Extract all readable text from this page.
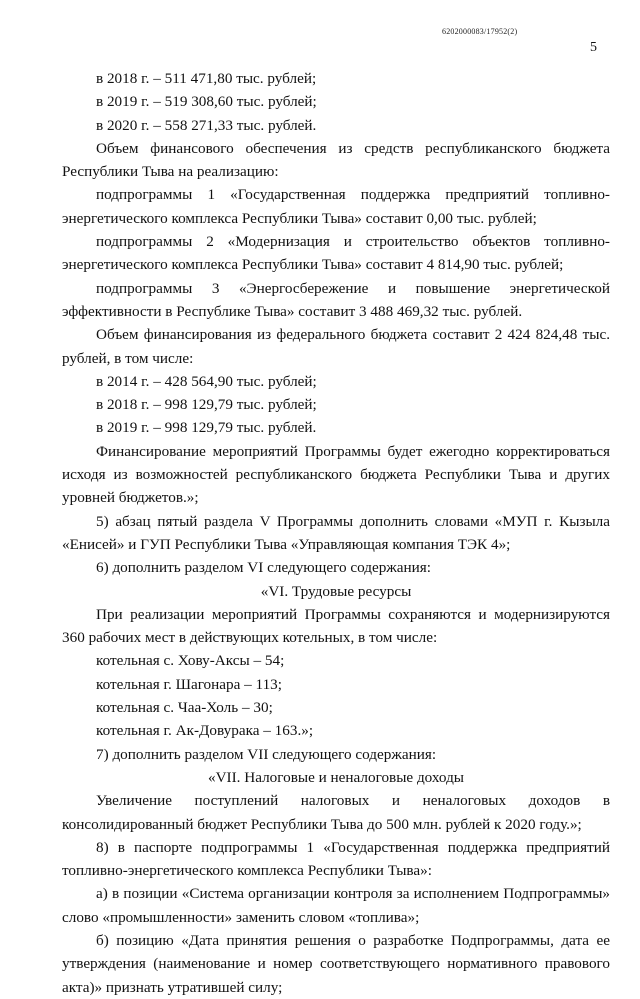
6202000083/17952(2)
5
в 2018 г. – 511 471,80 тыс. рублей;
в 2019 г. – 519 308,60 тыс. рублей;
в 2020 г. – 558 271,33 тыс. рублей.
Объем финансового обеспечения из средств республиканского бюджета Республики Тыва на реализацию:
подпрограммы 1 «Государственная поддержка предприятий топливно-энергетического комплекса Республики Тыва» составит 0,00 тыс. рублей;
подпрограммы 2 «Модернизация и строительство объектов топливно-энергетического комплекса Республики Тыва» составит 4 814,90 тыс. рублей;
подпрограммы 3 «Энергосбережение и повышение энергетической эффективности в Республике Тыва» составит 3 488 469,32 тыс. рублей.
Объем финансирования из федерального бюджета составит 2 424 824,48 тыс. рублей, в том числе:
в 2014 г. – 428 564,90 тыс. рублей;
в 2018 г. – 998 129,79 тыс. рублей;
в 2019 г. – 998 129,79 тыс. рублей.
Финансирование мероприятий Программы будет ежегодно корректироваться исходя из возможностей республиканского бюджета Республики Тыва и других уровней бюджетов.»;
5) абзац пятый раздела V Программы дополнить словами «МУП г. Кызыла «Енисей» и ГУП Республики Тыва «Управляющая компания ТЭК 4»;
6) дополнить разделом VI следующего содержания:
«VI. Трудовые ресурсы
При реализации мероприятий Программы сохраняются и модернизируются 360 рабочих мест в действующих котельных, в том числе:
котельная с. Хову-Аксы – 54;
котельная г. Шагонара – 113;
котельная с. Чаа-Холь – 30;
котельная г. Ак-Довурака – 163.»;
7) дополнить разделом VII следующего содержания:
«VII. Налоговые и неналоговые доходы
Увеличение поступлений налоговых и неналоговых доходов в консолидированный бюджет Республики Тыва до 500 млн. рублей к 2020 году.»;
8) в паспорте подпрограммы 1 «Государственная поддержка предприятий топливно-энергетического комплекса Республики Тыва»:
а) в позиции «Система организации контроля за исполнением Подпрограммы» слово «промышленности» заменить словом «топлива»;
б) позицию «Дата принятия решения о разработке Подпрограммы, дата ее утверждения (наименование и номер соответствующего нормативного правового акта)» признать утратившей силу;
